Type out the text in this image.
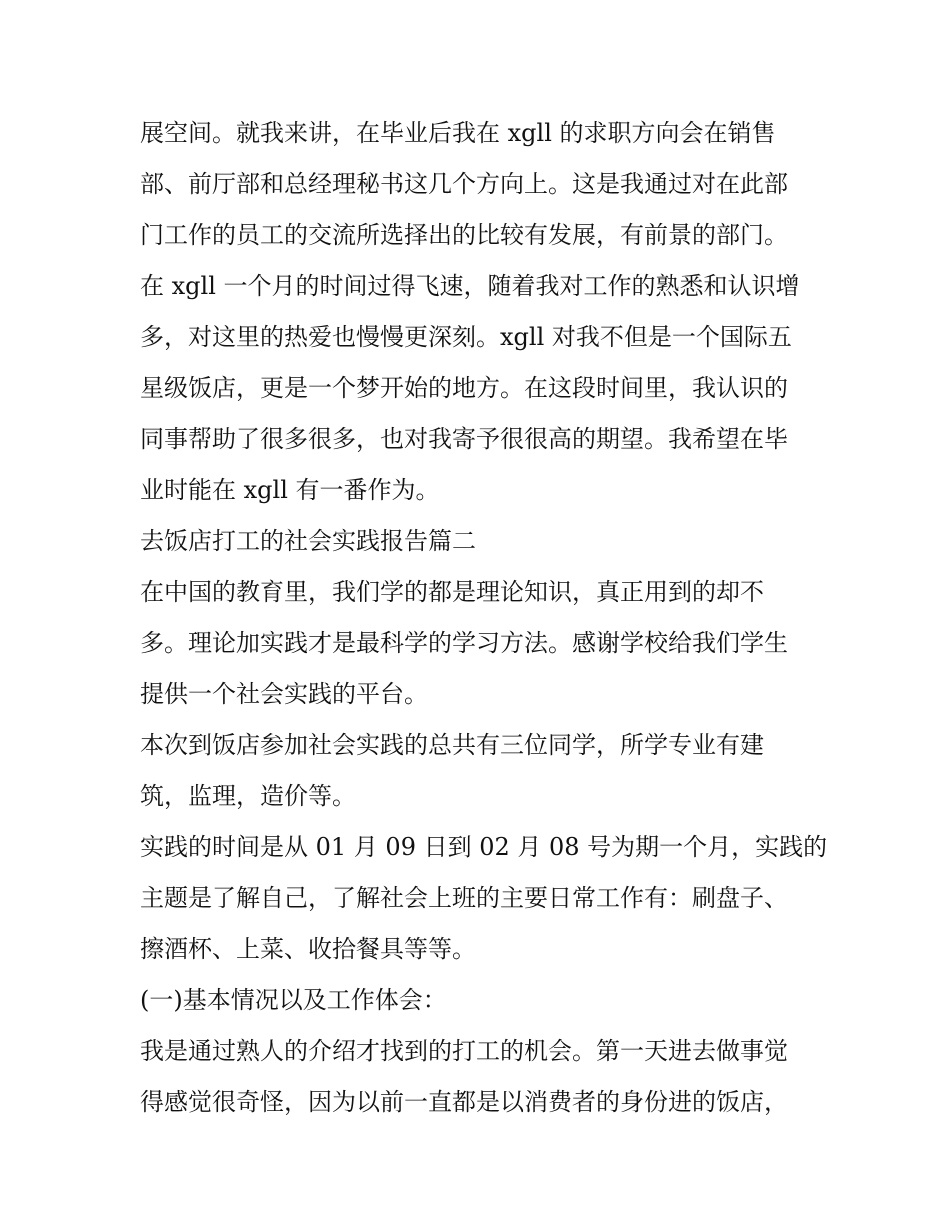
展空间。就我来讲，在毕业后我在 xgll 的求职方向会在销售
部、前厅部和总经理秘书这几个方向上。这是我通过对在此部
门工作的员工的交流所选择出的比较有发展，有前景的部门。
在 xgll 一个月的时间过得飞速，随着我对工作的熟悉和认识增
多，对这里的热爱也慢慢更深刻。xgll 对我不但是一个国际五
星级饭店，更是一个梦开始的地方。在这段时间里，我认识的
同事帮助了很多很多，也对我寄予很很高的期望。我希望在毕
业时能在 xgll 有一番作为。
去饭店打工的社会实践报告篇二
在中国的教育里，我们学的都是理论知识，真正用到的却不
多。理论加实践才是最科学的学习方法。感谢学校给我们学生
提供一个社会实践的平台。
本次到饭店参加社会实践的总共有三位同学，所学专业有建
筑，监理，造价等。
实践的时间是从 01 月 09 日到 02 月 08 号为期一个月，实践的
主题是了解自己，了解社会上班的主要日常工作有：刷盘子、
擦酒杯、上菜、收拾餐具等等。
(一)基本情况以及工作体会：
我是通过熟人的介绍才找到的打工的机会。第一天进去做事觉
得感觉很奇怪，因为以前一直都是以消费者的身份进的饭店，
